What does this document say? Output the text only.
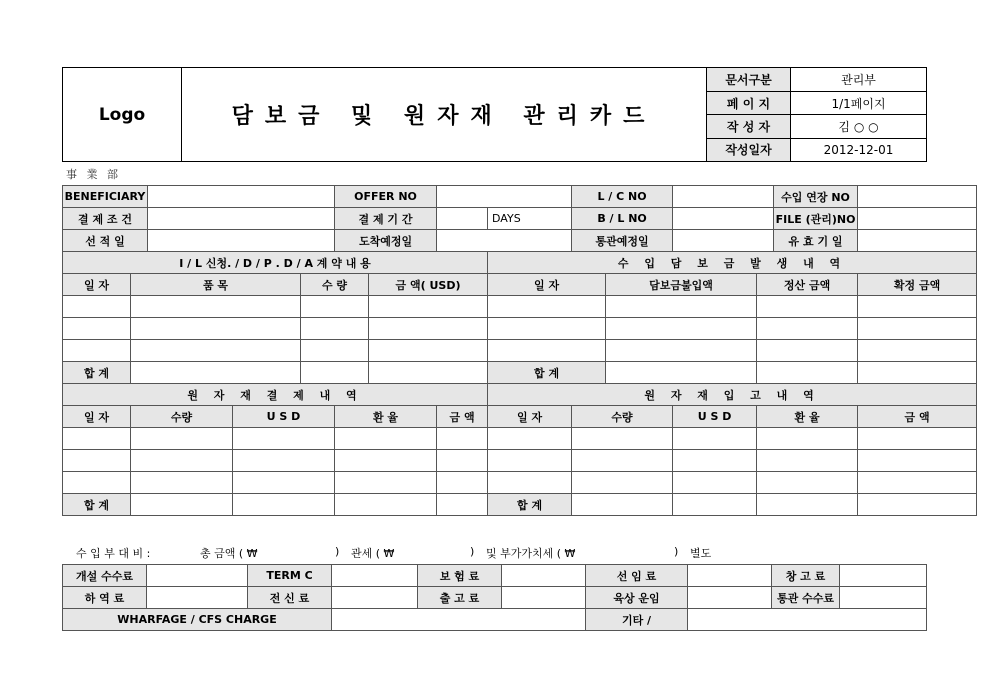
Logo	담보금 및 원자재 관리카드	문서구분	관리부
		페 이 지	1/1페이지
		작 성 자	김 ○ ○
		작성일자	2012-12-01
事 業 部
BENEFICIARY					OFFER NO				L / C NO				수입 연장 NO	
결 제 조 건					결 제 기 간			DAYS	B / L NO				FILE (관리)NO	
선 적 일					도착예정일				통관예정일				유 효 기 일	
I / L 신청. / D / P . D / A 계 약 내 용								수 입 담 보 금 발 생 내 역						
일 자	품 목			수 량		금 액( USD)		일 자		담보금불입액		정산 금액		확정 금액

합 계								합 계						
원 자 재 결 제 내 역								원 자 재 입 고 내 역						
일 자	수량		U S D		환 율		금 액	일 자	수량		U S D	환 율		금 액

합 계								합 계						
수 입 부 대 비 :	총 금액 ( ₩	) 관세 ( ₩	) 및 부가가치세 ( ₩	) 별도
개설 수수료		TERM C		보 험 료		선 임 료		창 고 료	
하 역 료		전 신 료		출 고 료		육상 운임		통관 수수료	
WHARFAGE / CFS CHARGE						기타 /			
